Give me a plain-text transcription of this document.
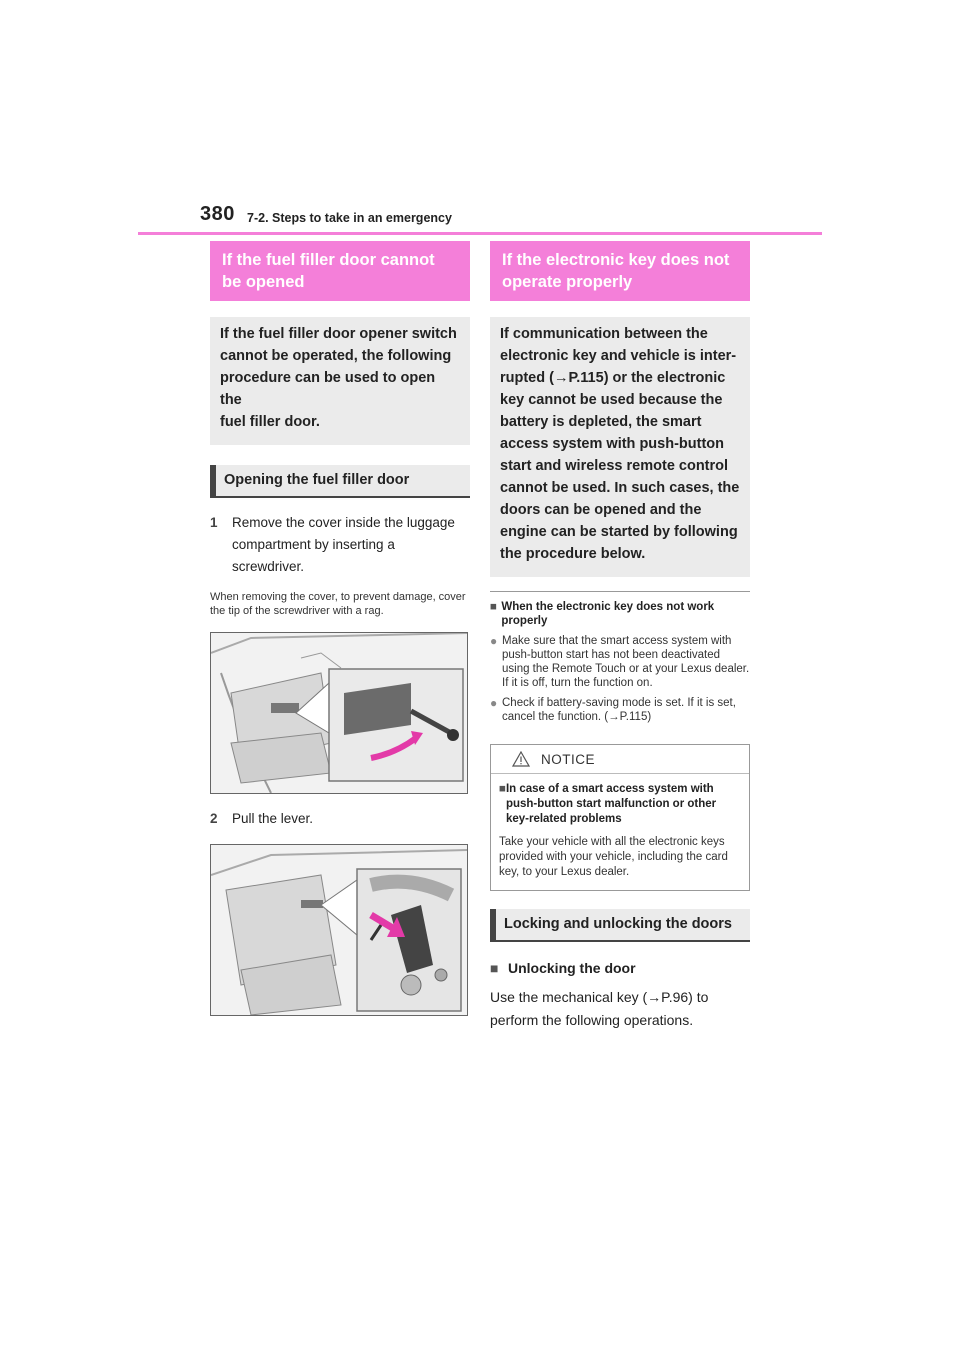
380 7-2. Steps to take in an emergency
If the fuel filler door cannot
be opened
If the fuel filler door opener switch
cannot be operated, the following
procedure can be used to open the
fuel filler door.
Opening the fuel filler door
1	Remove the cover inside the luggage compartment by inserting a screwdriver.
When removing the cover, to prevent damage, cover the tip of the screwdriver with a rag.
2	Pull the lever.
If the electronic key does not
operate properly
If communication between the
electronic key and vehicle is inter-
rupted (→P.115) or the electronic
key cannot be used because the
battery is depleted, the smart
access system with push-button
start and wireless remote control
cannot be used. In such cases, the
doors can be opened and the
engine can be started by following
the procedure below.
■ When the electronic key does not work properly
● Make sure that the smart access system with push-button start has not been deactivated using the Remote Touch or at your Lexus dealer. If it is off, turn the function on.
● Check if battery-saving mode is set. If it is set, cancel the function. (→P.115)
NOTICE
■ In case of a smart access system with push-button start malfunction or other key-related problems
Take your vehicle with all the electronic keys provided with your vehicle, including the card key, to your Lexus dealer.
Locking and unlocking the doors
■ Unlocking the door
Use the mechanical key (→P.96) to perform the following operations.
